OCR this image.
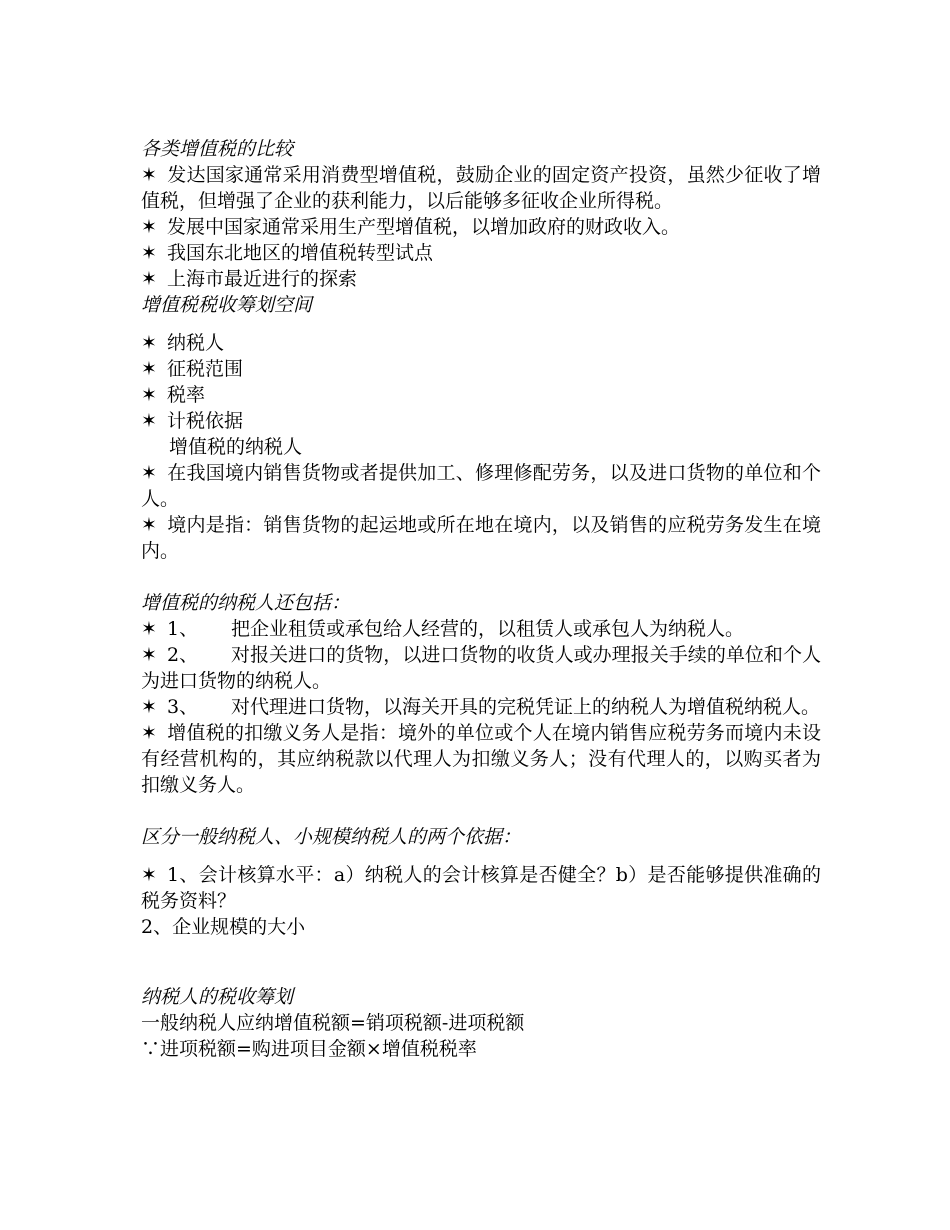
各类增值税的比较

✶ 发达国家通常采用消费型增值税，鼓励企业的固定资产投资，虽然少征收了增值税，但增强了企业的获利能力，以后能够多征收企业所得税。

✶ 发展中国家通常采用生产型增值税，以增加政府的财政收入。

✶ 我国东北地区的增值税转型试点

✶ 上海市最近进行的探索

增值税税收筹划空间

✶ 纳税人

✶ 征税范围

✶ 税率

✶ 计税依据

增值税的纳税人

✶ 在我国境内销售货物或者提供加工、修理修配劳务，以及进口货物的单位和个人。

✶ 境内是指：销售货物的起运地或所在地在境内，以及销售的应税劳务发生在境内。

增值税的纳税人还包括：

✶ 1、 把企业租赁或承包给人经营的，以租赁人或承包人为纳税人。

✶ 2、 对报关进口的货物，以进口货物的收货人或办理报关手续的单位和个人为进口货物的纳税人。

✶ 3、 对代理进口货物，以海关开具的完税凭证上的纳税人为增值税纳税人。

✶ 增值税的扣缴义务人是指：境外的单位或个人在境内销售应税劳务而境内未设有经营机构的，其应纳税款以代理人为扣缴义务人；没有代理人的，以购买者为扣缴义务人。

区分一般纳税人、小规模纳税人的两个依据：

✶ 1、会计核算水平：a）纳税人的会计核算是否健全？b）是否能够提供准确的税务资料？

2、企业规模的大小

纳税人的税收筹划

一般纳税人应纳增值税额=销项税额-进项税额

∵进项税额=购进项目金额×增值税税率
